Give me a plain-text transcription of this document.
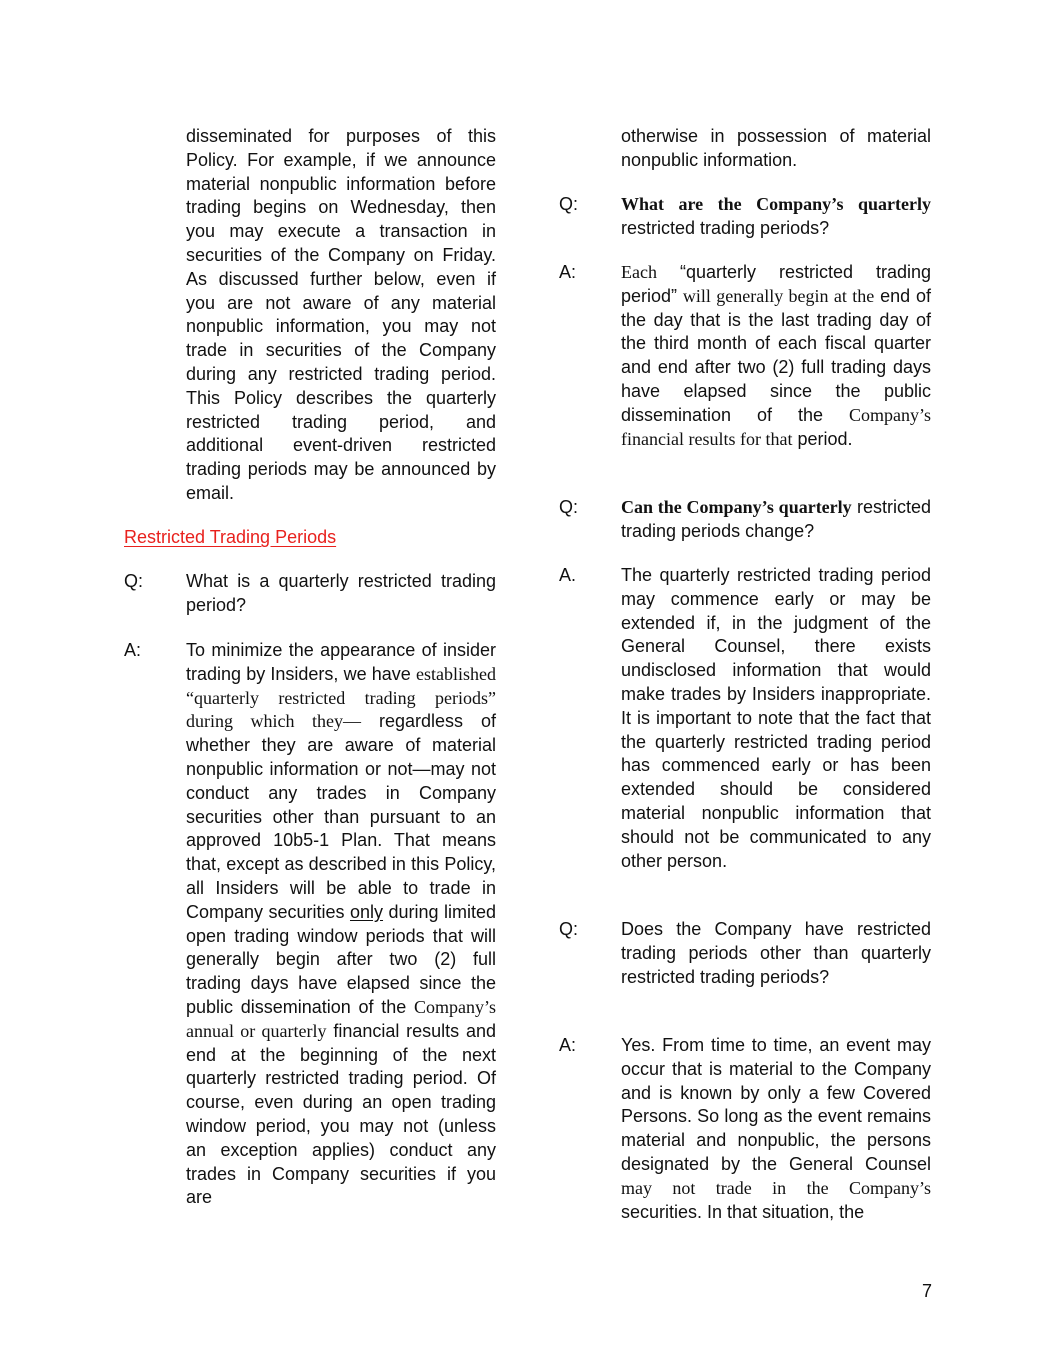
disseminated for purposes of this Policy. For example, if we announce material nonpublic information before trading begins on Wednesday, then you may execute a transaction in securities of the Company on Friday. As discussed further below, even if you are not aware of any material nonpublic information, you may not trade in securities of the Company during any restricted trading period. This Policy describes the quarterly restricted trading period, and additional event-driven restricted trading periods may be announced by email.

Restricted Trading Periods
Q:	What is a quarterly restricted trading period?

A:	To minimize the appearance of insider trading by Insiders, we have established “quarterly restricted trading periods” during which they— regardless of whether they are aware of material nonpublic information or not—may not conduct any trades in Company securities other than pursuant to an approved 10b5-1 Plan. That means that, except as described in this Policy, all Insiders will be able to trade in Company securities only during limited open trading window periods that will generally begin after two (2) full trading days have elapsed since the public dissemination of the Company’s annual or quarterly financial results and end at the beginning of the next quarterly restricted trading period. Of course, even during an open trading window period, you may not (unless an exception applies) conduct any trades in Company securities if you are

otherwise in possession of material nonpublic information.

Q:	What are the Company’s quarterly restricted trading periods?

A:	Each “quarterly restricted trading period” will generally begin at the end of the day that is the last trading day of the third month of each fiscal quarter and end after two (2) full trading days have elapsed since the public dissemination of the Company’s financial results for that period.

Q:	Can the Company’s quarterly restricted trading periods change?

A.	The quarterly restricted trading period may commence early or may be extended if, in the judgment of the General Counsel, there exists undisclosed information that would make trades by Insiders inappropriate. It is important to note that the fact that the quarterly restricted trading period has commenced early or has been extended should be considered material nonpublic information that should not be communicated to any other person.

Q:	Does the Company have restricted trading periods other than quarterly restricted trading periods?

A:	Yes. From time to time, an event may occur that is material to the Company and is known by only a few Covered Persons. So long as the event remains material and nonpublic, the persons designated by the General Counsel may not trade in the Company’s securities. In that situation, the

7
